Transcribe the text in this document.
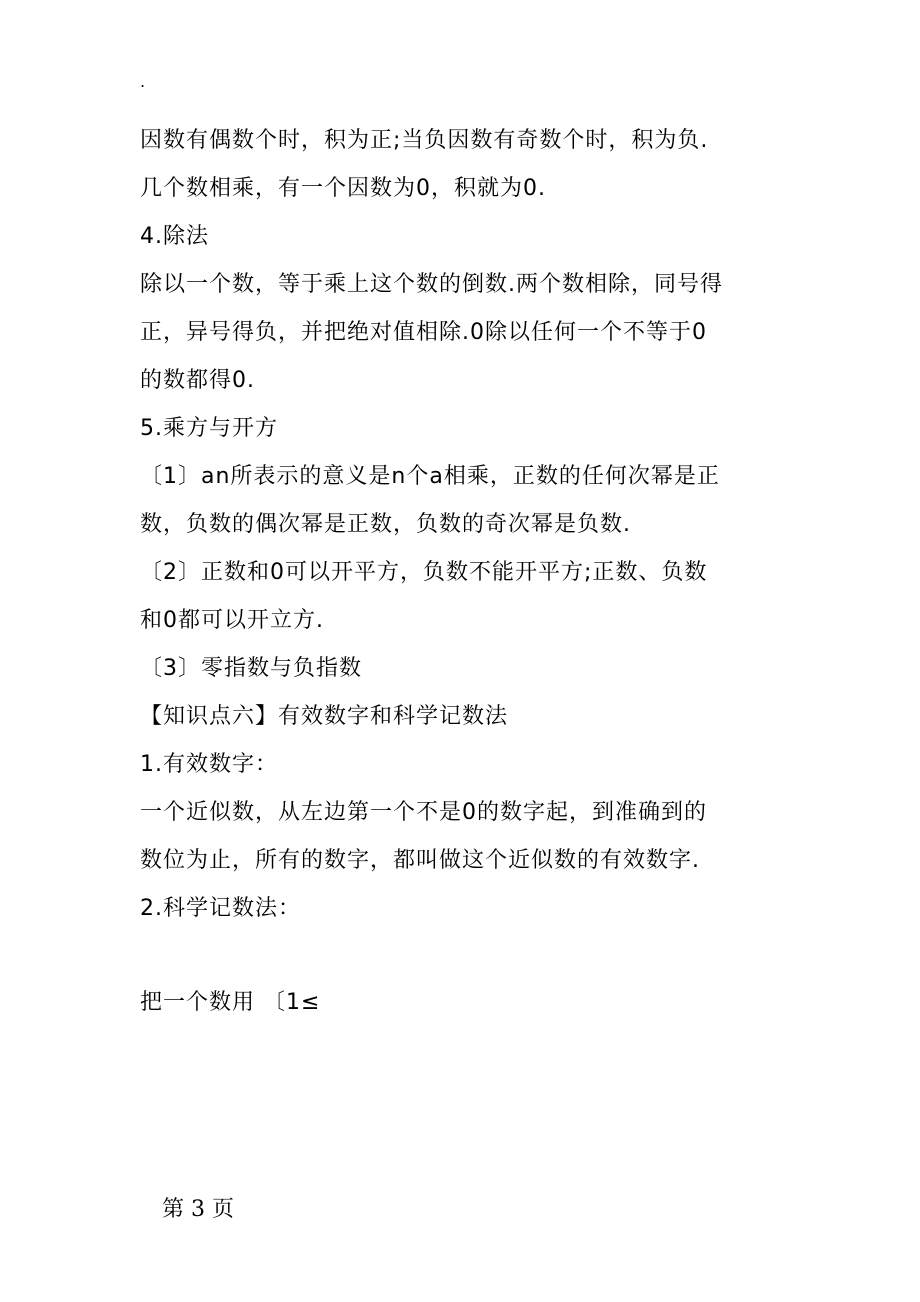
.
因数有偶数个时，积为正;当负因数有奇数个时，积为负.
几个数相乘，有一个因数为0，积就为0.
4.除法
除以一个数，等于乘上这个数的倒数.两个数相除，同号得
正，异号得负，并把绝对值相除.0除以任何一个不等于0
的数都得0.
5.乘方与开方
〔1〕an所表示的意义是n个a相乘，正数的任何次幂是正
数，负数的偶次幂是正数，负数的奇次幂是负数.
〔2〕正数和0可以开平方，负数不能开平方;正数、负数
和0都可以开立方.
〔3〕零指数与负指数
【知识点六】有效数字和科学记数法
1.有效数字：
一个近似数，从左边第一个不是0的数字起，到准确到的
数位为止，所有的数字，都叫做这个近似数的有效数字.
2.科学记数法：
把一个数用 〔1≤
第 3 页
